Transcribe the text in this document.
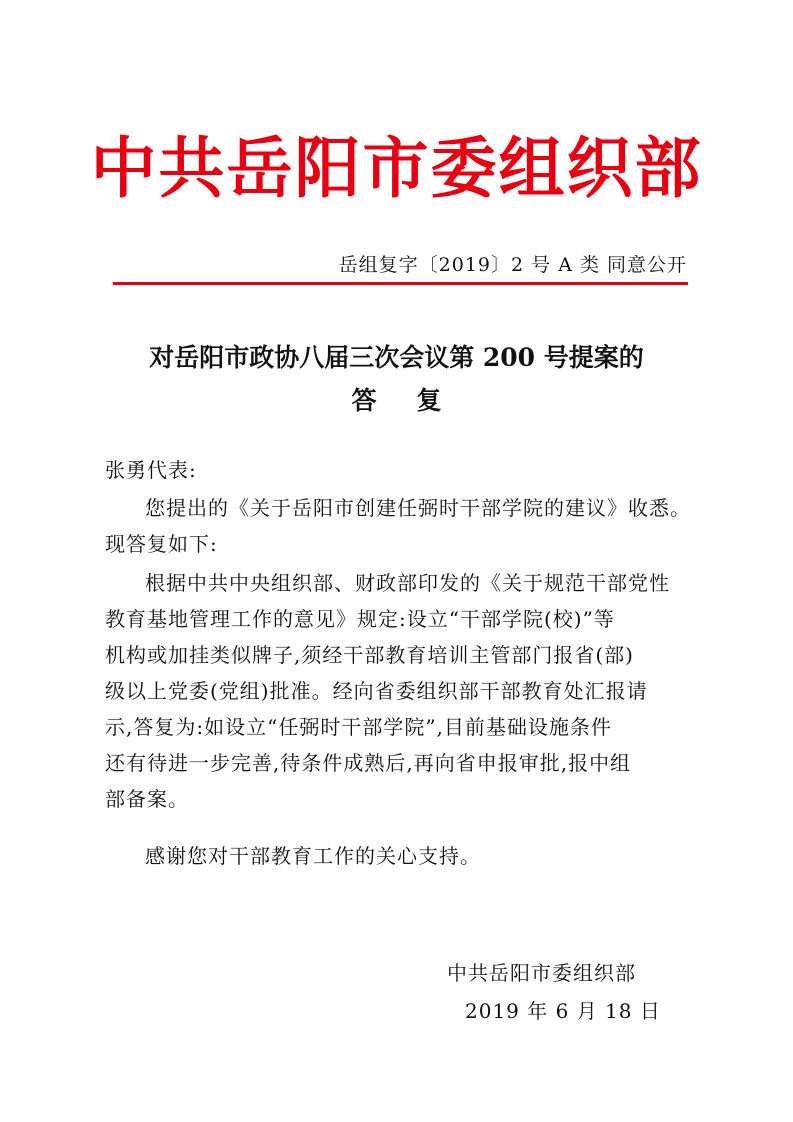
中共岳阳市委组织部
岳组复字〔2019〕2 号 A 类 同意公开
对岳阳市政协八届三次会议第 200 号提案的
答复
张勇代表:
您提出的《关于岳阳市创建任弼时干部学院的建议》收悉。
现答复如下:
根据中共中央组织部、财政部印发的《关于规范干部党性
教育基地管理工作的意见》规定:设立“干部学院(校)”等
机构或加挂类似牌子,须经干部教育培训主管部门报省(部)
级以上党委(党组)批准。经向省委组织部干部教育处汇报请
示,答复为:如设立“任弼时干部学院”,目前基础设施条件
还有待进一步完善,待条件成熟后,再向省申报审批,报中组
部备案。
感谢您对干部教育工作的关心支持。
中共岳阳市委组织部
2019 年 6 月 18 日
